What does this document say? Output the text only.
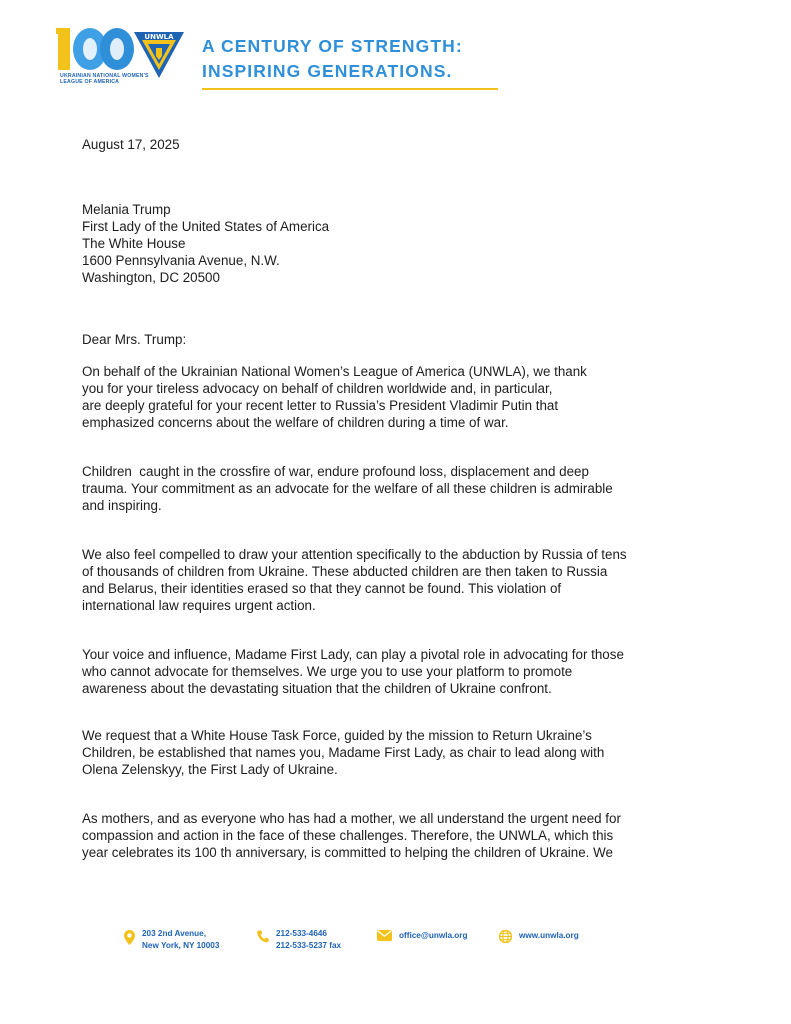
UNWLA
UKRAINIAN NATIONAL WOMEN'S LEAGUE OF AMERICA
A CENTURY OF STRENGTH:
INSPIRING GENERATIONS.
August 17, 2025
Melania Trump
First Lady of the United States of America
The White House
1600 Pennsylvania Avenue, N.W.
Washington, DC 20500
Dear Mrs. Trump:
On behalf of the Ukrainian National Women’s League of America (UNWLA), we thank
you for your tireless advocacy on behalf of children worldwide and, in particular,
are deeply grateful for your recent letter to Russia’s President Vladimir Putin that
emphasized concerns about the welfare of children during a time of war.
Children  caught in the crossfire of war, endure profound loss, displacement and deep
trauma. Your commitment as an advocate for the welfare of all these children is admirable
and inspiring.
We also feel compelled to draw your attention specifically to the abduction by Russia of tens
of thousands of children from Ukraine. These abducted children are then taken to Russia
and Belarus, their identities erased so that they cannot be found. This violation of
international law requires urgent action.
Your voice and influence, Madame First Lady, can play a pivotal role in advocating for those
who cannot advocate for themselves. We urge you to use your platform to promote
awareness about the devastating situation that the children of Ukraine confront.
We request that a White House Task Force, guided by the mission to Return Ukraine’s
Children, be established that names you, Madame First Lady, as chair to lead along with
Olena Zelenskyy, the First Lady of Ukraine.
As mothers, and as everyone who has had a mother, we all understand the urgent need for
compassion and action in the face of these challenges. Therefore, the UNWLA, which this
year celebrates its 100 th anniversary, is committed to helping the children of Ukraine. We
203 2nd Avenue,
New York, NY 10003
212-533-4646
212-533-5237 fax
office@unwla.org	www.unwla.org
